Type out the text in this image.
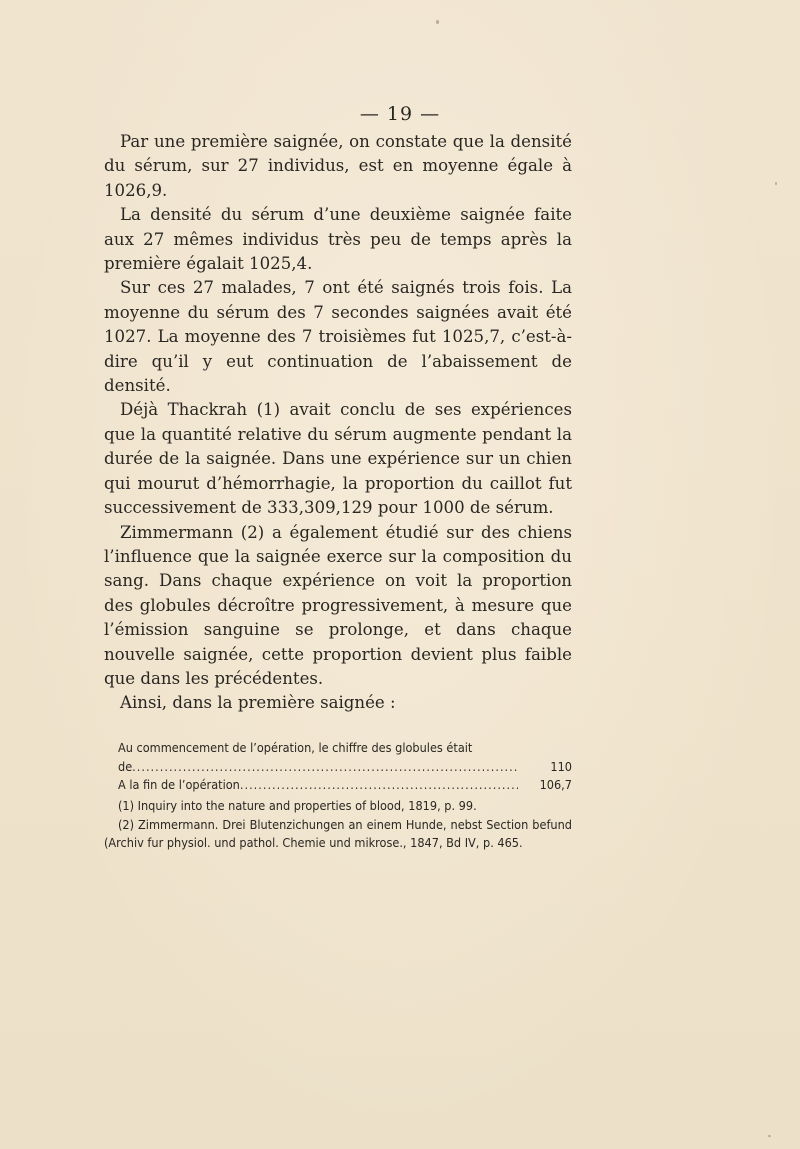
— 19 —

Par une première saignée, on constate que la densité du sérum, sur 27 individus, est en moyenne égale à 1026,9.

La densité du sérum d’une deuxième saignée faite aux 27 mêmes individus très peu de temps après la première égalait 1025,4.

Sur ces 27 malades, 7 ont été saignés trois fois. La moyenne du sérum des 7 secondes saignées avait été 1027. La moyenne des 7 troisièmes fut 1025,7, c’est-à-dire qu’il y eut continuation de l’abaissement de densité.

Déjà Thackrah (1) avait conclu de ses expériences que la quantité relative du sérum augmente pendant la durée de la saignée. Dans une expérience sur un chien qui mourut d’hémorrhagie, la proportion du caillot fut successivement de 333,309,129 pour 1000 de sérum.

Zimmermann (2) a également étudié sur des chiens l’influence que la saignée exerce sur la composition du sang. Dans chaque expérience on voit la proportion des globules décroître progressivement, à mesure que l’émission sanguine se prolonge, et dans chaque nouvelle saignée, cette proportion devient plus faible que dans les précédentes.

Ainsi, dans la première saignée :

Au commencement de l’opération, le chiffre des globules était
de .....	110
A la fin de l’opération .....	106,7

(1) Inquiry into the nature and properties of blood, 1819, p. 99.

(2) Zimmermann. Drei Blutenzichungen an einem Hunde, nebst Section befund (Archiv fur physiol. und pathol. Chemie und mikrose., 1847, Bd IV, p. 465.
